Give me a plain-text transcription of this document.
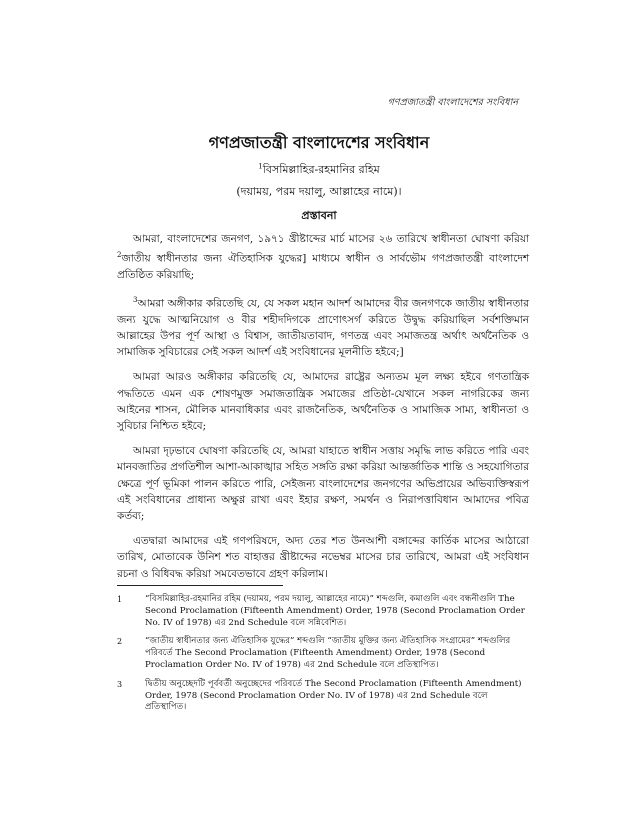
গণপ্রজাতন্ত্রী বাংলাদেশের সংবিধান
গণপ্রজাতন্ত্রী বাংলাদেশের সংবিধান
$^1$বিসমিল্লাহির-রহমানির রহিম
(দয়াময়, পরম দয়ালু, আল্লাহের নামে)।
প্রস্তাবনা

আমরা, বাংলাদেশের জনগণ, ১৯৭১ খ্রীষ্টাব্দের মার্চ মাসের ২৬ তারিখে স্বাধীনতা ঘোষণা করিয়া $^2$জাতীয় স্বাধীনতার জন্য ঐতিহাসিক যুদ্ধের] মাধ্যমে স্বাধীন ও সার্বভৌম গণপ্রজাতন্ত্রী বাংলাদেশ প্রতিষ্ঠিত করিয়াছি;

$^3$আমরা অঙ্গীকার করিতেছি যে, যে সকল মহান আদর্শ আমাদের বীর জনগণকে জাতীয় স্বাধীনতার জন্য যুদ্ধে আত্মনিয়োগ ও বীর শহীদদিগকে প্রাণোৎসর্গ করিতে উদ্বুদ্ধ করিয়াছিল সর্বশক্তিমান আল্লাহের উপর পূর্ণ আস্থা ও বিশ্বাস, জাতীয়তাবাদ, গণতন্ত্র এবং সমাজতন্ত্র অর্থাৎ অর্থনৈতিক ও সামাজিক সুবিচারের সেই সকল আদর্শ এই সংবিধানের মূলনীতি হইবে;]

আমরা আরও অঙ্গীকার করিতেছি যে, আমাদের রাষ্ট্রের অন্যতম মূল লক্ষ্য হইবে গণতান্ত্রিক পদ্ধতিতে এমন এক শোষণমুক্ত সমাজতান্ত্রিক সমাজের প্রতিষ্ঠা-যেখানে সকল নাগরিকের জন্য আইনের শাসন, মৌলিক মানবাধিকার এবং রাজনৈতিক, অর্থনৈতিক ও সামাজিক সাম্য, স্বাধীনতা ও সুবিচার নিশ্চিত হইবে;

আমরা দৃঢ়ভাবে ঘোষণা করিতেছি যে, আমরা যাহাতে স্বাধীন সত্তায় সমৃদ্ধি লাভ করিতে পারি এবং মানবজাতির প্রগতিশীল আশা-আকাঙ্খার সহিত সঙ্গতি রক্ষা করিয়া আন্তর্জাতিক শান্তি ও সহযোগিতার ক্ষেত্রে পূর্ণ ভূমিকা পালন করিতে পারি, সেইজন্য বাংলাদেশের জনগণের অভিপ্রায়ের অভিব্যক্তিস্বরূপ এই সংবিধানের প্রাধান্য অক্ষুণ্ণ রাখা এবং ইহার রক্ষণ, সমর্থন ও নিরাপত্তাবিধান আমাদের পবিত্র কর্তব্য;

এতদ্বারা আমাদের এই গণপরিষদে, অদ্য তের শত উনআশী বঙ্গাব্দের কার্তিক মাসের আঠারো তারিখ, মোতাবেক উনিশ শত বাহাত্তর খ্রীষ্টাব্দের নভেম্বর মাসের চার তারিখে, আমরা এই সংবিধান রচনা ও বিধিবদ্ধ করিয়া সমবেতভাবে গ্রহণ করিলাম।

1	“বিসমিল্লাহির-রহমানির রহিম (দয়াময়, পরম দয়ালু, আল্লাহের নামে)” শব্দগুলি, কমাগুলি এবং বন্ধনীগুলি The Second Proclamation (Fifteenth Amendment) Order, 1978 (Second Proclamation Order No. IV of 1978) এর 2nd Schedule বলে সন্নিবেশিত।
2	“জাতীয় স্বাধীনতার জন্য ঐতিহাসিক যুদ্ধের” শব্দগুলি “জাতীয় মুক্তির জন্য ঐতিহাসিক সংগ্রামের” শব্দগুলির পরিবর্তে The Second Proclamation (Fifteenth Amendment) Order, 1978 (Second Proclamation Order No. IV of 1978) এর 2nd Schedule বলে প্রতিস্থাপিত।
3	দ্বিতীয় অনুচ্ছেদটি পূর্ববর্তী অনুচ্ছেদের পরিবর্তে The Second Proclamation (Fifteenth Amendment) Order, 1978 (Second Proclamation Order No. IV of 1978) এর 2nd Schedule বলে প্রতিস্থাপিত।
